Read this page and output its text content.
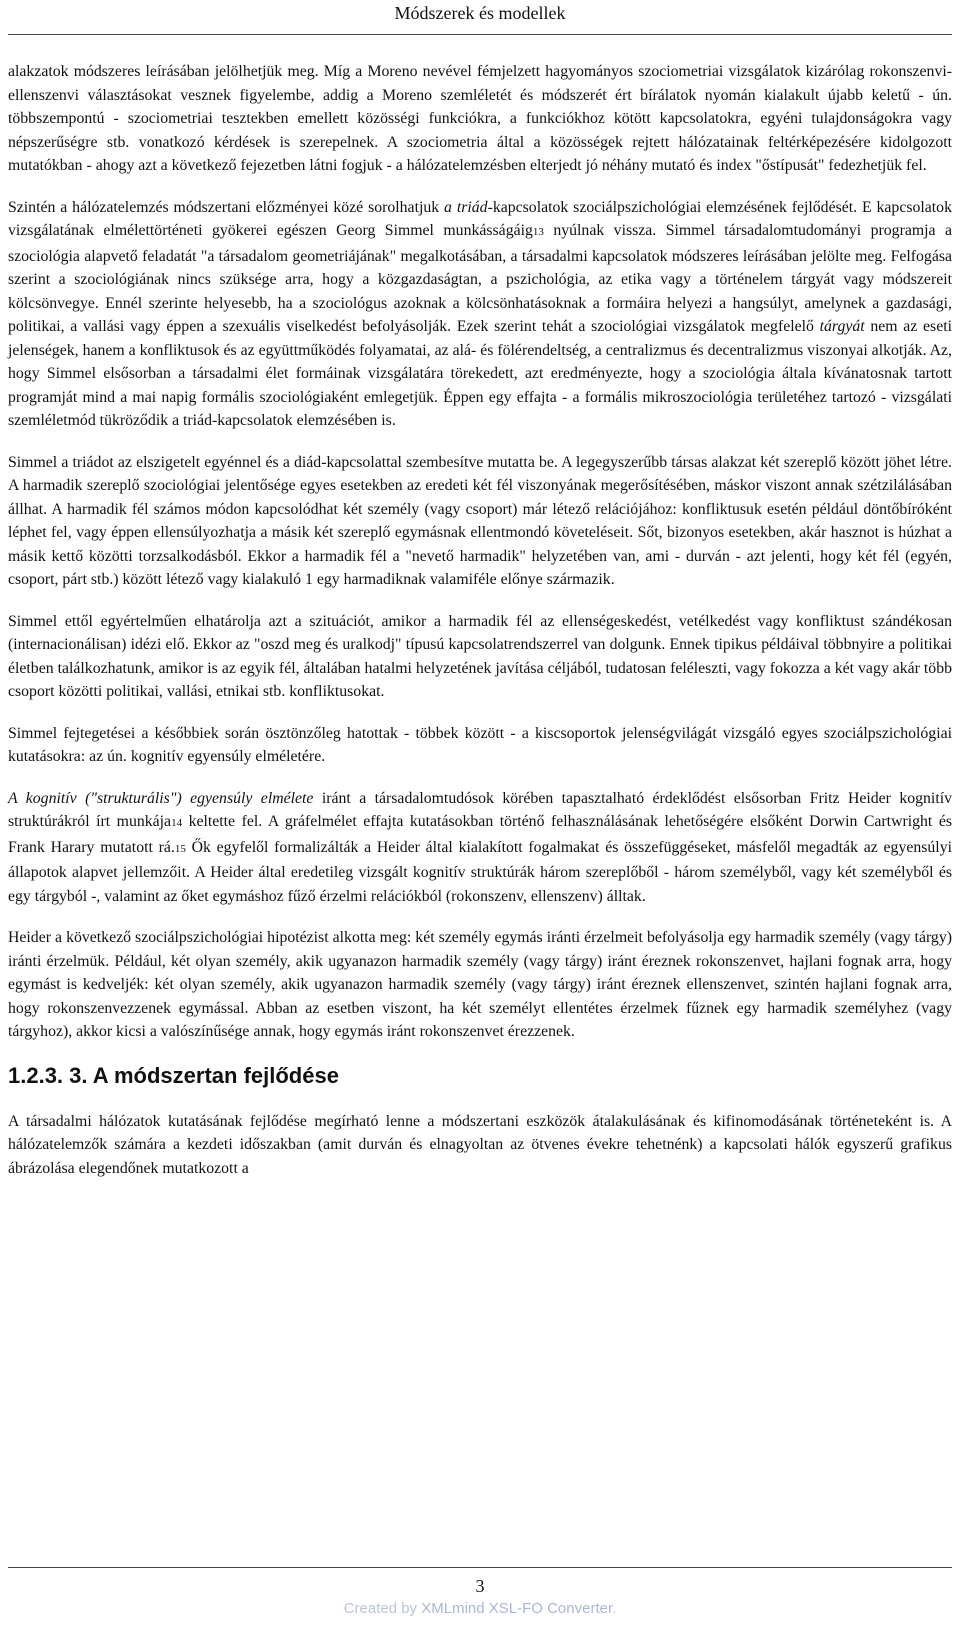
Módszerek és modellek

alakzatok módszeres leírásában jelölhetjük meg. Míg a Moreno nevével fémjelzett hagyományos szociometriai vizsgálatok kizárólag rokonszenvi-ellenszenvi választásokat vesznek figyelembe, addig a Moreno szemléletét és módszerét ért bírálatok nyomán kialakult újabb keletű - ún. többszempontú - szociometriai tesztekben emellett közösségi funkciókra, a funkciókhoz kötött kapcsolatokra, egyéni tulajdonságokra vagy népszerűségre stb. vonatkozó kérdések is szerepelnek. A szociometria által a közösségek rejtett hálózatainak feltérképezésére kidolgozott mutatókban - ahogy azt a következő fejezetben látni fogjuk - a hálózatelemzésben elterjedt jó néhány mutató és index "őstípusát" fedezhetjük fel.

Szintén a hálózatelemzés módszertani előzményei közé sorolhatjuk a triád-kapcsolatok szociálpszichológiai elemzésének fejlődését. E kapcsolatok vizsgálatának elmélettörténeti gyökerei egészen Georg Simmel munkásságáig13 nyúlnak vissza. Simmel társadalomtudományi programja a szociológia alapvető feladatát "a társadalom geometriájának" megalkotásában, a társadalmi kapcsolatok módszeres leírásában jelölte meg. Felfogása szerint a szociológiának nincs szüksége arra, hogy a közgazdaságtan, a pszichológia, az etika vagy a történelem tárgyát vagy módszereit kölcsönvegye. Ennél szerinte helyesebb, ha a szociológus azoknak a kölcsönhatásoknak a formáira helyezi a hangsúlyt, amelynek a gazdasági, politikai, a vallási vagy éppen a szexuális viselkedést befolyásolják. Ezek szerint tehát a szociológiai vizsgálatok megfelelő tárgyát nem az eseti jelenségek, hanem a konfliktusok és az együttműködés folyamatai, az alá- és fölérendeltség, a centralizmus és decentralizmus viszonyai alkotják. Az, hogy Simmel elsősorban a társadalmi élet formáinak vizsgálatára törekedett, azt eredményezte, hogy a szociológia általa kívánatosnak tartott programját mind a mai napig formális szociológiaként emlegetjük. Éppen egy effajta - a formális mikroszociológia területéhez tartozó - vizsgálati szemléletmód tükröződik a triád-kapcsolatok elemzésében is.

Simmel a triádot az elszigetelt egyénnel és a diád-kapcsolattal szembesítve mutatta be. A legegyszerűbb társas alakzat két szereplő között jöhet létre. A harmadik szereplő szociológiai jelentősége egyes esetekben az eredeti két fél viszonyának megerősítésében, máskor viszont annak szétzilálásában állhat. A harmadik fél számos módon kapcsolódhat két személy (vagy csoport) már létező relációjához: konfliktusuk esetén például döntőbíróként léphet fel, vagy éppen ellensúlyozhatja a másik két szereplő egymásnak ellentmondó követeléseit. Sőt, bizonyos esetekben, akár hasznot is húzhat a másik kettő közötti torzsalkodásból. Ekkor a harmadik fél a "nevető harmadik" helyzetében van, ami - durván - azt jelenti, hogy két fél (egyén, csoport, párt stb.) között létező vagy kialakuló 1 egy harmadiknak valamiféle előnye származik.

Simmel ettől egyértelműen elhatárolja azt a szituációt, amikor a harmadik fél az ellenségeskedést, vetélkedést vagy konfliktust szándékosan (internacionálisan) idézi elő. Ekkor az "oszd meg és uralkodj" típusú kapcsolatrendszerrel van dolgunk. Ennek tipikus példáival többnyire a politikai életben találkozhatunk, amikor is az egyik fél, általában hatalmi helyzetének javítása céljából, tudatosan feléleszti, vagy fokozza a két vagy akár több csoport közötti politikai, vallási, etnikai stb. konfliktusokat.

Simmel fejtegetései a későbbiek során ösztönzőleg hatottak - többek között - a kiscsoportok jelenségvilágát vizsgáló egyes szociálpszichológiai kutatásokra: az ún. kognitív egyensúly elméletére.

A kognitív ("strukturális") egyensúly elmélete iránt a társadalomtudósok körében tapasztalható érdeklődést elsősorban Fritz Heider kognitív struktúrákról írt munkája14 keltette fel. A gráfelmélet effajta kutatásokban történő felhasználásának lehetőségére elsőként Dorwin Cartwright és Frank Harary mutatott rá.15 Ők egyfelől formalizálták a Heider által kialakított fogalmakat és összefüggéseket, másfelől megadták az egyensúlyi állapotok alapvet jellemzőit. A Heider által eredetileg vizsgált kognitív struktúrák három szereplőből - három személyből, vagy két személyből és egy tárgyból -, valamint az őket egymáshoz fűző érzelmi relációkból (rokonszenv, ellenszenv) álltak.

Heider a következő szociálpszichológiai hipotézist alkotta meg: két személy egymás iránti érzelmeit befolyásolja egy harmadik személy (vagy tárgy) iránti érzelmük. Például, két olyan személy, akik ugyanazon harmadik személy (vagy tárgy) iránt éreznek rokonszenvet, hajlani fognak arra, hogy egymást is kedveljék: két olyan személy, akik ugyanazon harmadik személy (vagy tárgy) iránt éreznek ellenszenvet, szintén hajlani fognak arra, hogy rokonszenvezzenek egymással. Abban az esetben viszont, ha két személyt ellentétes érzelmek fűznek egy harmadik személyhez (vagy tárgyhoz), akkor kicsi a valószínűsége annak, hogy egymás iránt rokonszenvet érezzenek.

1.2.3. 3. A módszertan fejlődése

A társadalmi hálózatok kutatásának fejlődése megírható lenne a módszertani eszközök átalakulásának és kifinomodásának történeteként is. A hálózatelemzők számára a kezdeti időszakban (amit durván és elnagyoltan az ötvenes évekre tehetnénk) a kapcsolati hálók egyszerű grafikus ábrázolása elegendőnek mutatkozott a

3
Created by XMLmind XSL-FO Converter.
